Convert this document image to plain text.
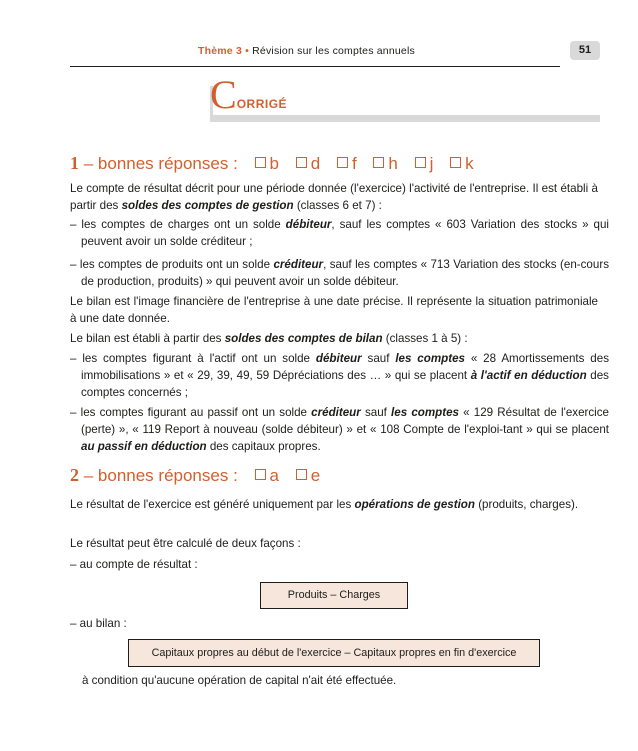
Thème 3 • Révision sur les comptes annuels	51
CORRIGÉ
1 – bonnes réponses : b d f h j k
Le compte de résultat décrit pour une période donnée (l'exercice) l'activité de l'entreprise. Il est établi à partir des soldes des comptes de gestion (classes 6 et 7) :
– les comptes de charges ont un solde débiteur, sauf les comptes « 603 Variation des stocks » qui peuvent avoir un solde créditeur ;
– les comptes de produits ont un solde créditeur, sauf les comptes « 713 Variation des stocks (en-cours de production, produits) » qui peuvent avoir un solde débiteur.
Le bilan est l'image financière de l'entreprise à une date précise. Il représente la situation patrimoniale à une date donnée.
Le bilan est établi à partir des soldes des comptes de bilan (classes 1 à 5) :
– les comptes figurant à l'actif ont un solde débiteur sauf les comptes « 28 Amortissements des immobilisations » et « 29, 39, 49, 59 Dépréciations des … » qui se placent à l'actif en déduction des comptes concernés ;
– les comptes figurant au passif ont un solde créditeur sauf les comptes « 129 Résultat de l'exercice (perte) », « 119 Report à nouveau (solde débiteur) » et « 108 Compte de l'exploi-tant » qui se placent au passif en déduction des capitaux propres.
2 – bonnes réponses : a e
Le résultat de l'exercice est généré uniquement par les opérations de gestion (produits, charges).
Le résultat peut être calculé de deux façons :
– au compte de résultat :
Produits – Charges
– au bilan :
Capitaux propres au début de l'exercice – Capitaux propres en fin d'exercice
à condition qu'aucune opération de capital n'ait été effectuée.
